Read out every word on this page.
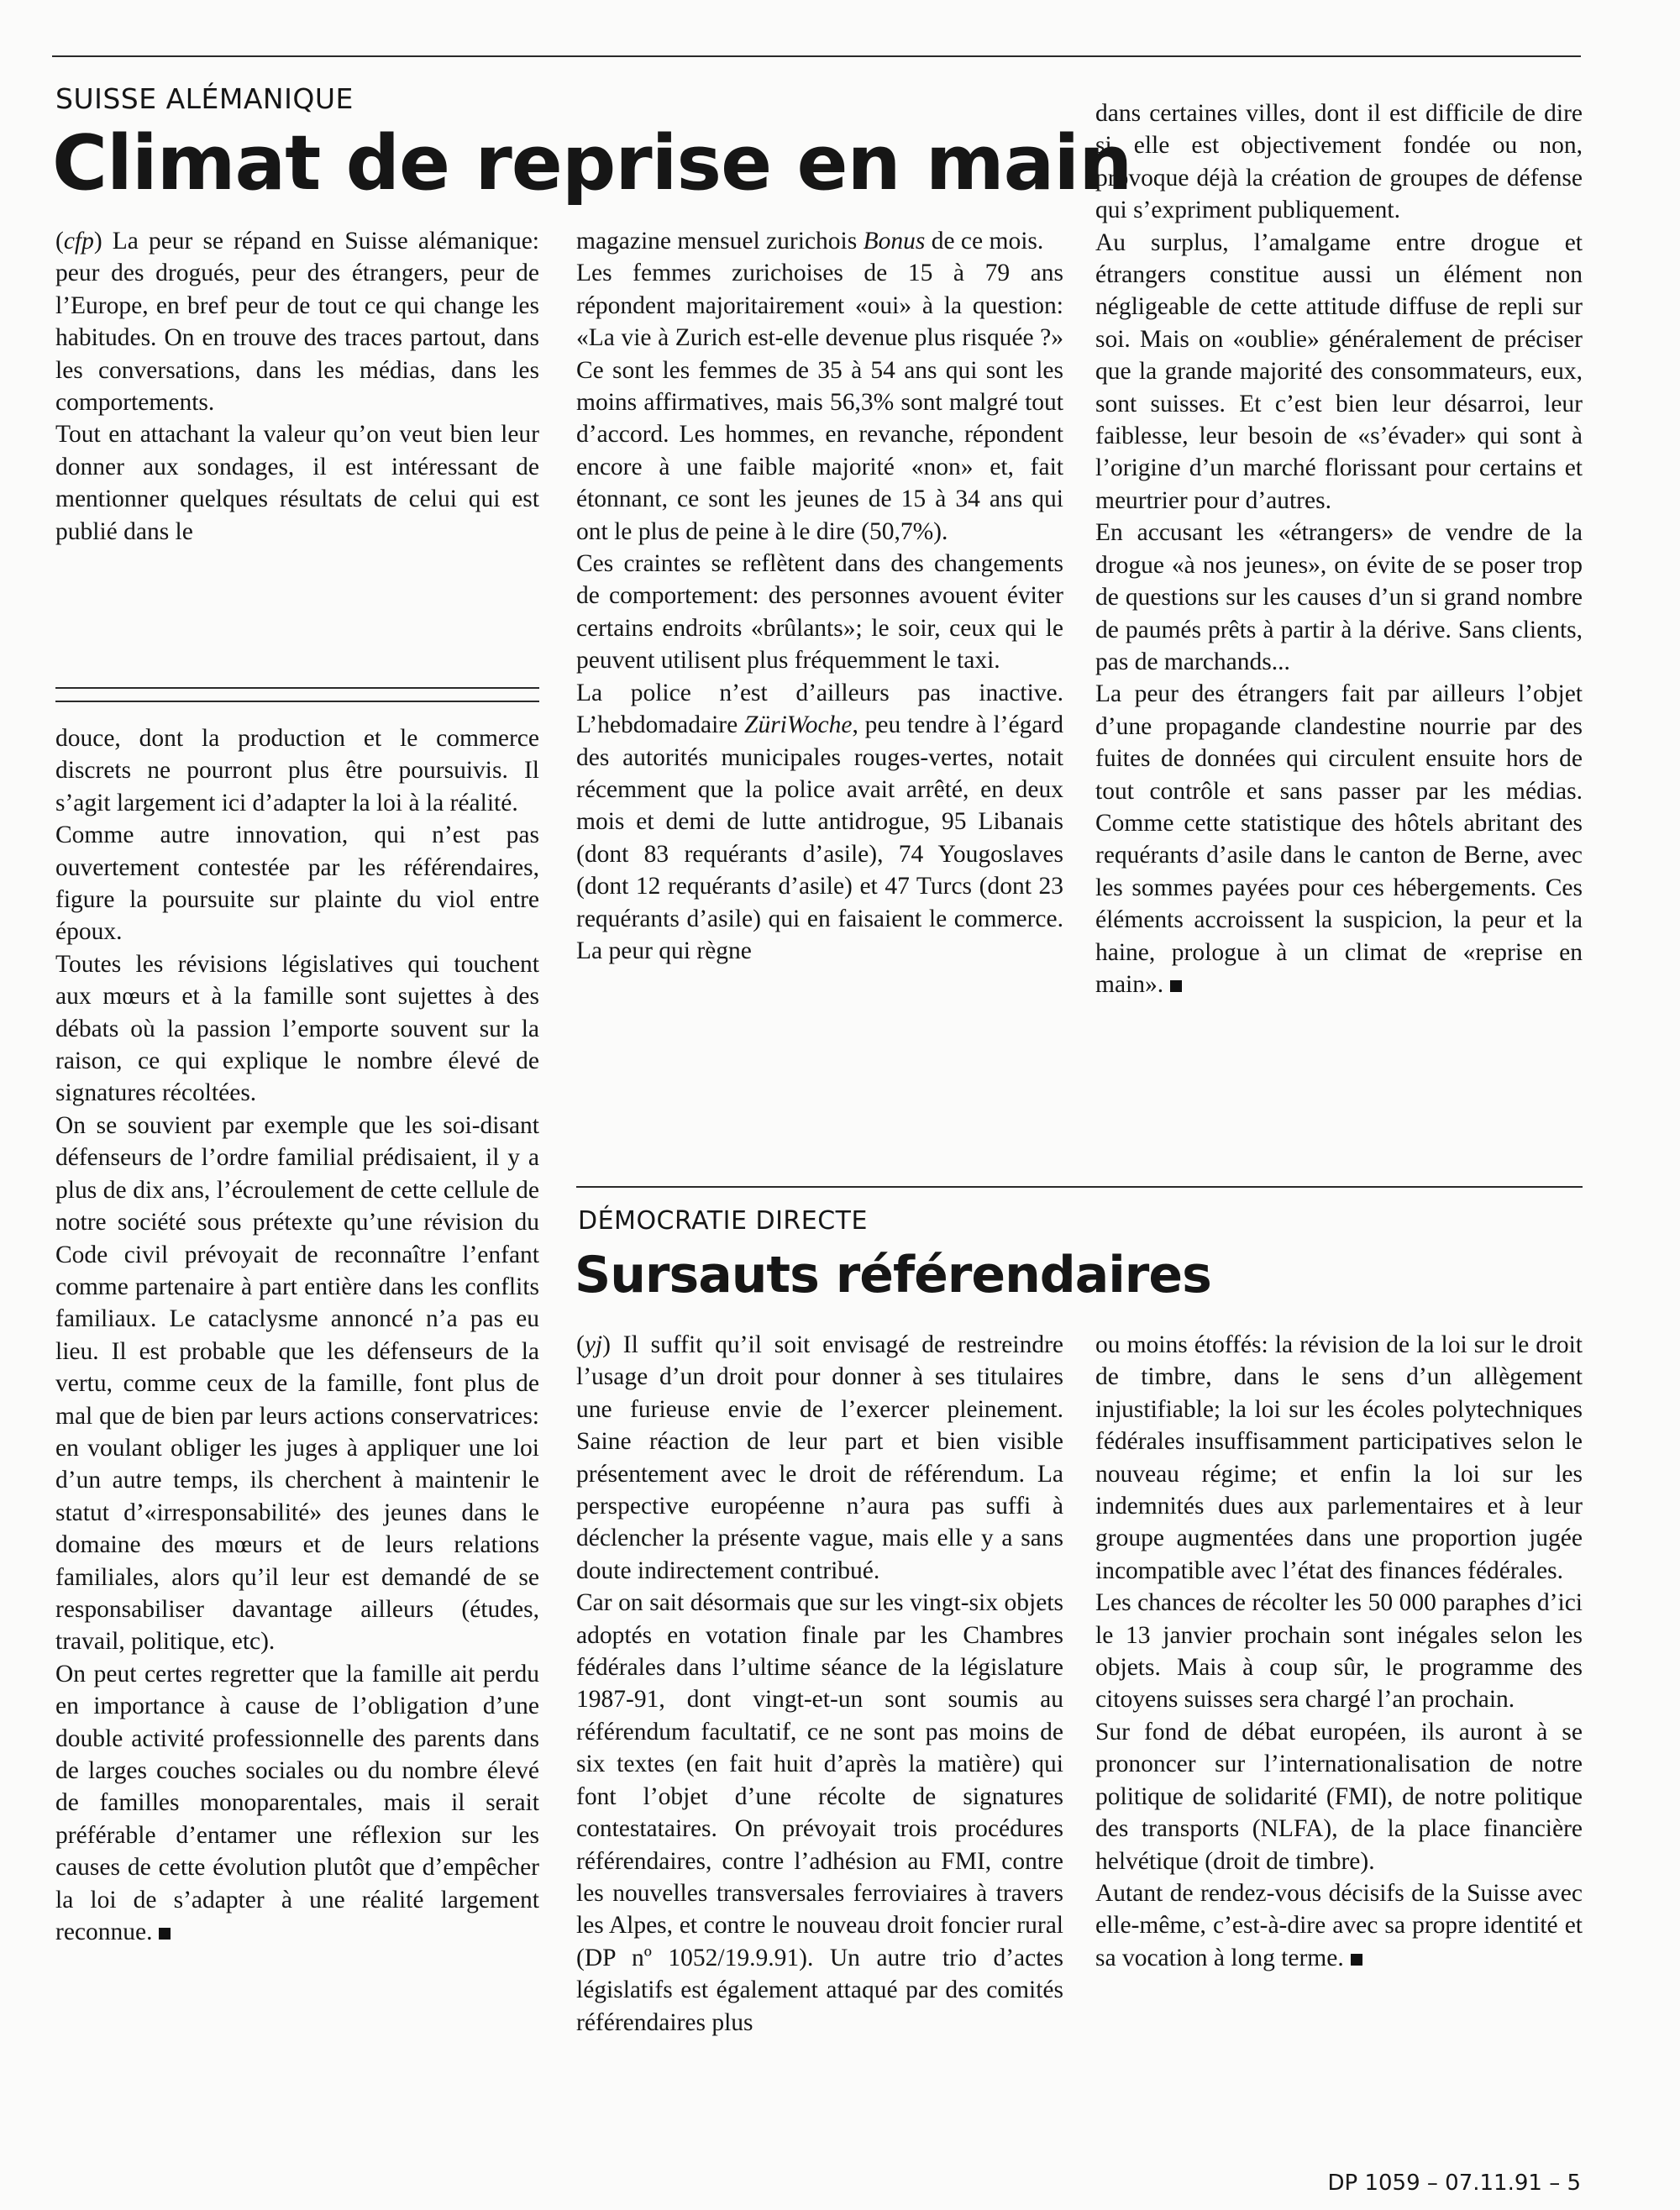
SUISSE ALÉMANIQUE
Climat de reprise en main

(cfp) La peur se répand en Suisse alémanique: peur des drogués, peur des étrangers, peur de l’Europe, en bref peur de tout ce qui change les habitudes. On en trouve des traces partout, dans les conversations, dans les médias, dans les comportements.

Tout en attachant la valeur qu’on veut bien leur donner aux sondages, il est intéressant de mentionner quelques résultats de celui qui est publié dans le

magazine mensuel zurichois Bonus de ce mois.

Les femmes zurichoises de 15 à 79 ans répondent majoritairement «oui» à la question: «La vie à Zurich est-elle devenue plus risquée ?» Ce sont les femmes de 35 à 54 ans qui sont les moins affirmatives, mais 56,3% sont malgré tout d’accord. Les hommes, en revanche, répondent encore à une faible majorité «non» et, fait étonnant, ce sont les jeunes de 15 à 34 ans qui ont le plus de peine à le dire (50,7%).

Ces craintes se reflètent dans des changements de comportement: des personnes avouent éviter certains endroits «brûlants»; le soir, ceux qui le peuvent utilisent plus fréquemment le taxi.

La police n’est d’ailleurs pas inactive. L’hebdomadaire ZüriWoche, peu tendre à l’égard des autorités municipales rouges-vertes, notait récemment que la police avait arrêté, en deux mois et demi de lutte antidrogue, 95 Libanais (dont 83 requérants d’asile), 74 Yougoslaves (dont 12 requérants d’asile) et 47 Turcs (dont 23 requérants d’asile) qui en faisaient le commerce. La peur qui règne

dans certaines villes, dont il est difficile de dire si elle est objectivement fondée ou non, provoque déjà la création de groupes de défense qui s’expriment publiquement.

Au surplus, l’amalgame entre drogue et étrangers constitue aussi un élément non négligeable de cette attitude diffuse de repli sur soi. Mais on «oublie» généralement de préciser que la grande majorité des consommateurs, eux, sont suisses. Et c’est bien leur désarroi, leur faiblesse, leur besoin de «s’évader» qui sont à l’origine d’un marché florissant pour certains et meurtrier pour d’autres.

En accusant les «étrangers» de vendre de la drogue «à nos jeunes», on évite de se poser trop de questions sur les causes d’un si grand nombre de paumés prêts à partir à la dérive. Sans clients, pas de marchands...

La peur des étrangers fait par ailleurs l’objet d’une propagande clandestine nourrie par des fuites de données qui circulent ensuite hors de tout contrôle et sans passer par les médias. Comme cette statistique des hôtels abritant des requérants d’asile dans le canton de Berne, avec les sommes payées pour ces hébergements. Ces éléments accroissent la suspicion, la peur et la haine, prologue à un climat de «reprise en main».

douce, dont la production et le commerce discrets ne pourront plus être poursuivis. Il s’agit largement ici d’adapter la loi à la réalité.

Comme autre innovation, qui n’est pas ouvertement contestée par les référendaires, figure la poursuite sur plainte du viol entre époux.

Toutes les révisions législatives qui touchent aux mœurs et à la famille sont sujettes à des débats où la passion l’emporte souvent sur la raison, ce qui explique le nombre élevé de signatures récoltées.

On se souvient par exemple que les soi-disant défenseurs de l’ordre familial prédisaient, il y a plus de dix ans, l’écroulement de cette cellule de notre société sous prétexte qu’une révision du Code civil prévoyait de reconnaître l’enfant comme partenaire à part entière dans les conflits familiaux. Le cataclysme annoncé n’a pas eu lieu. Il est probable que les défenseurs de la vertu, comme ceux de la famille, font plus de mal que de bien par leurs actions conservatrices: en voulant obliger les juges à appliquer une loi d’un autre temps, ils cherchent à maintenir le statut d’«irresponsabilité» des jeunes dans le domaine des mœurs et de leurs relations familiales, alors qu’il leur est demandé de se responsabiliser davantage ailleurs (études, travail, politique, etc).

On peut certes regretter que la famille ait perdu en importance à cause de l’obligation d’une double activité professionnelle des parents dans de larges couches sociales ou du nombre élevé de familles monoparentales, mais il serait préférable d’entamer une réflexion sur les causes de cette évolution plutôt que d’empêcher la loi de s’adapter à une réalité largement reconnue.

DÉMOCRATIE DIRECTE
Sursauts référendaires

(yj) Il suffit qu’il soit envisagé de restreindre l’usage d’un droit pour donner à ses titulaires une furieuse envie de l’exercer pleinement. Saine réaction de leur part et bien visible présentement avec le droit de référendum. La perspective européenne n’aura pas suffi à déclencher la présente vague, mais elle y a sans doute indirectement contribué.

Car on sait désormais que sur les vingt-six objets adoptés en votation finale par les Chambres fédérales dans l’ultime séance de la législature 1987-91, dont vingt-et-un sont soumis au référendum facultatif, ce ne sont pas moins de six textes (en fait huit d’après la matière) qui font l’objet d’une récolte de signatures contestataires. On prévoyait trois procédures référendaires, contre l’adhésion au FMI, contre les nouvelles transversales ferroviaires à travers les Alpes, et contre le nouveau droit foncier rural (DP nº 1052/19.9.91). Un autre trio d’actes législatifs est également attaqué par des comités référendaires plus

ou moins étoffés: la révision de la loi sur le droit de timbre, dans le sens d’un allègement injustifiable; la loi sur les écoles polytechniques fédérales insuffisamment participatives selon le nouveau régime; et enfin la loi sur les indemnités dues aux parlementaires et à leur groupe augmentées dans une proportion jugée incompatible avec l’état des finances fédérales.

Les chances de récolter les 50 000 paraphes d’ici le 13 janvier prochain sont inégales selon les objets. Mais à coup sûr, le programme des citoyens suisses sera chargé l’an prochain.

Sur fond de débat européen, ils auront à se prononcer sur l’internationalisation de notre politique de solidarité (FMI), de notre politique des transports (NLFA), de la place financière helvétique (droit de timbre).

Autant de rendez-vous décisifs de la Suisse avec elle-même, c’est-à-dire avec sa propre identité et sa vocation à long terme.

DP 1059 – 07.11.91 – 5
